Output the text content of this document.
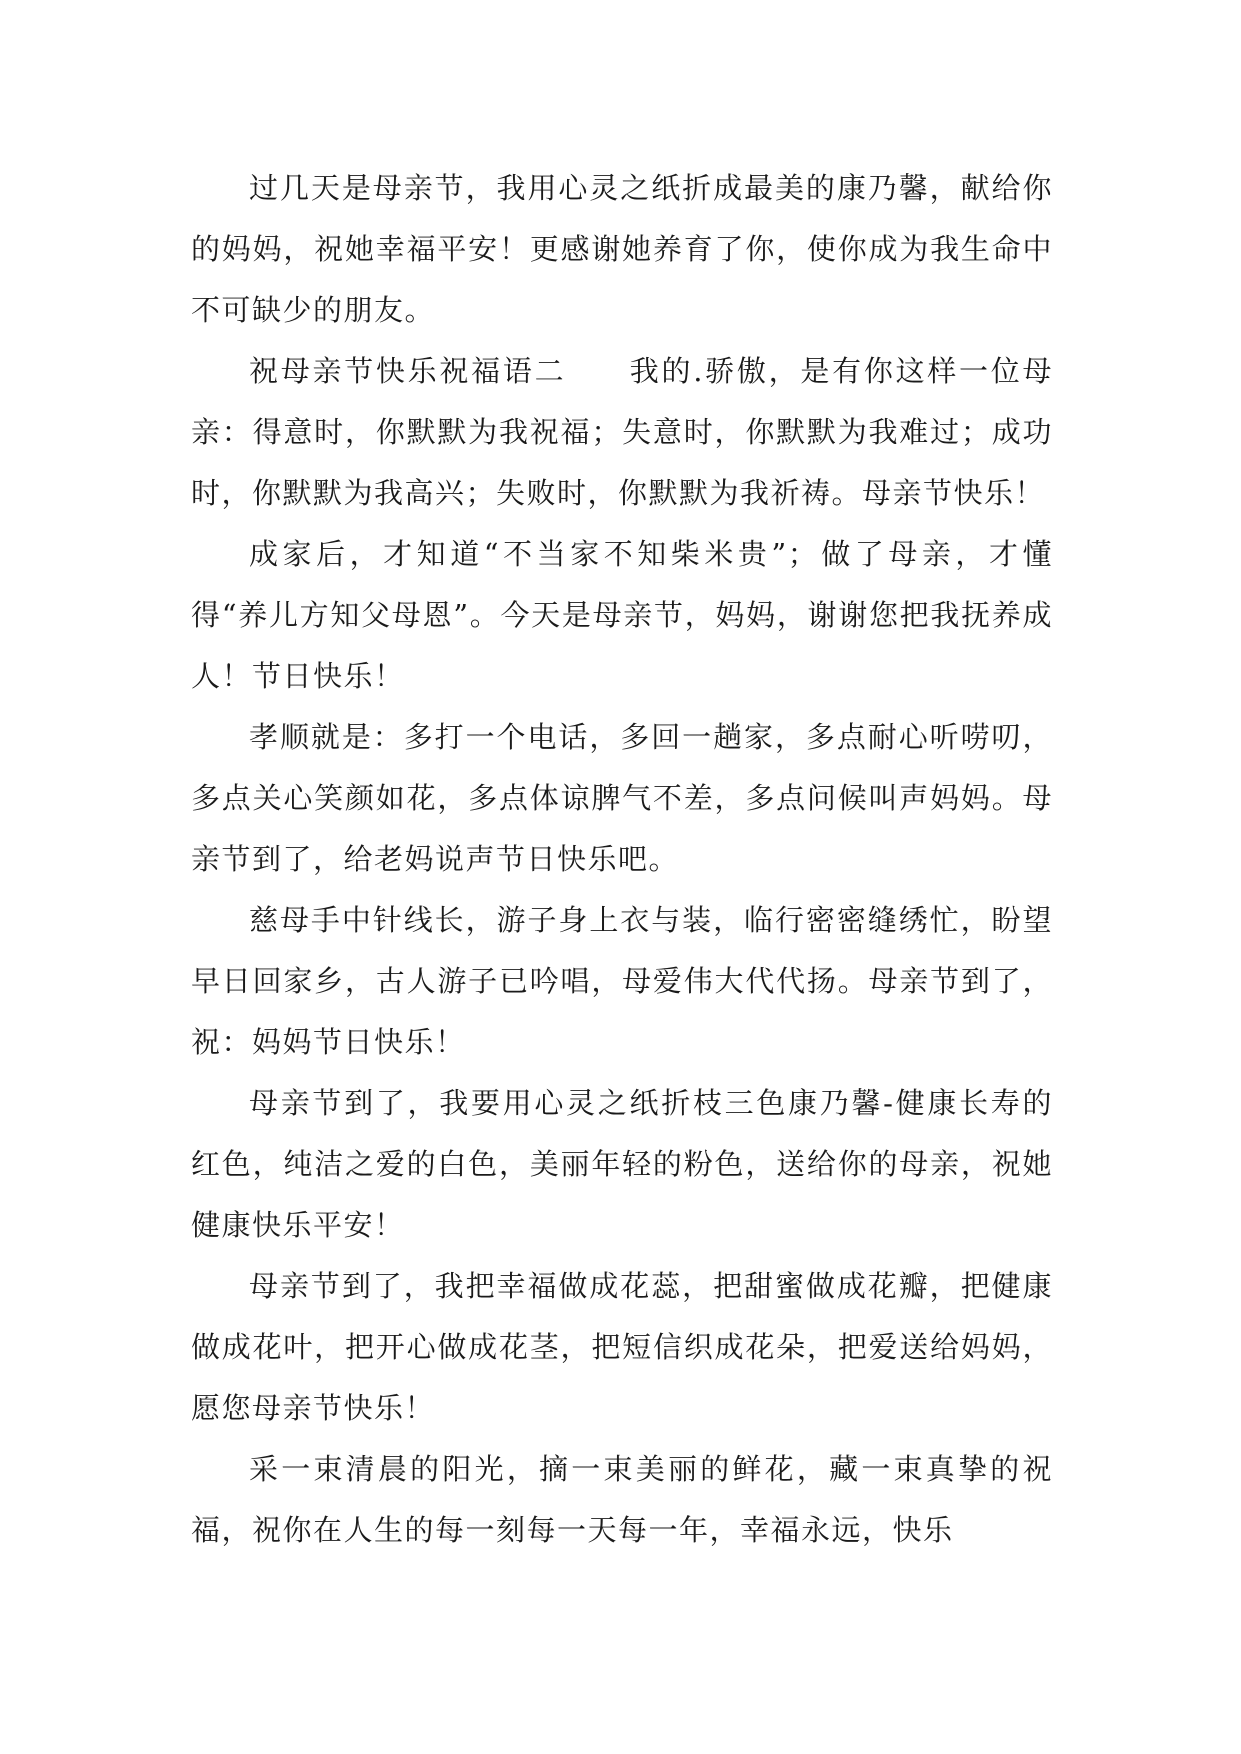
过几天是母亲节，我用心灵之纸折成最美的康乃馨，献给你的妈妈，祝她幸福平安！更感谢她养育了你，使你成为我生命中不可缺少的朋友。

祝母亲节快乐祝福语二　　我的.骄傲，是有你这样一位母亲：得意时，你默默为我祝福；失意时，你默默为我难过；成功时，你默默为我高兴；失败时，你默默为我祈祷。母亲节快乐！

成家后，才知道“不当家不知柴米贵”；做了母亲，才懂得“养儿方知父母恩”。今天是母亲节，妈妈，谢谢您把我抚养成人！节日快乐！

孝顺就是：多打一个电话，多回一趟家，多点耐心听唠叨，多点关心笑颜如花，多点体谅脾气不差，多点问候叫声妈妈。母亲节到了，给老妈说声节日快乐吧。

慈母手中针线长，游子身上衣与装，临行密密缝绣忙，盼望早日回家乡，古人游子已吟唱，母爱伟大代代扬。母亲节到了，祝：妈妈节日快乐！

母亲节到了，我要用心灵之纸折枝三色康乃馨-健康长寿的红色，纯洁之爱的白色，美丽年轻的粉色，送给你的母亲，祝她健康快乐平安！

母亲节到了，我把幸福做成花蕊，把甜蜜做成花瓣，把健康做成花叶，把开心做成花茎，把短信织成花朵，把爱送给妈妈，愿您母亲节快乐！

采一束清晨的阳光，摘一束美丽的鲜花，藏一束真挚的祝福，祝你在人生的每一刻每一天每一年，幸福永远，快乐
